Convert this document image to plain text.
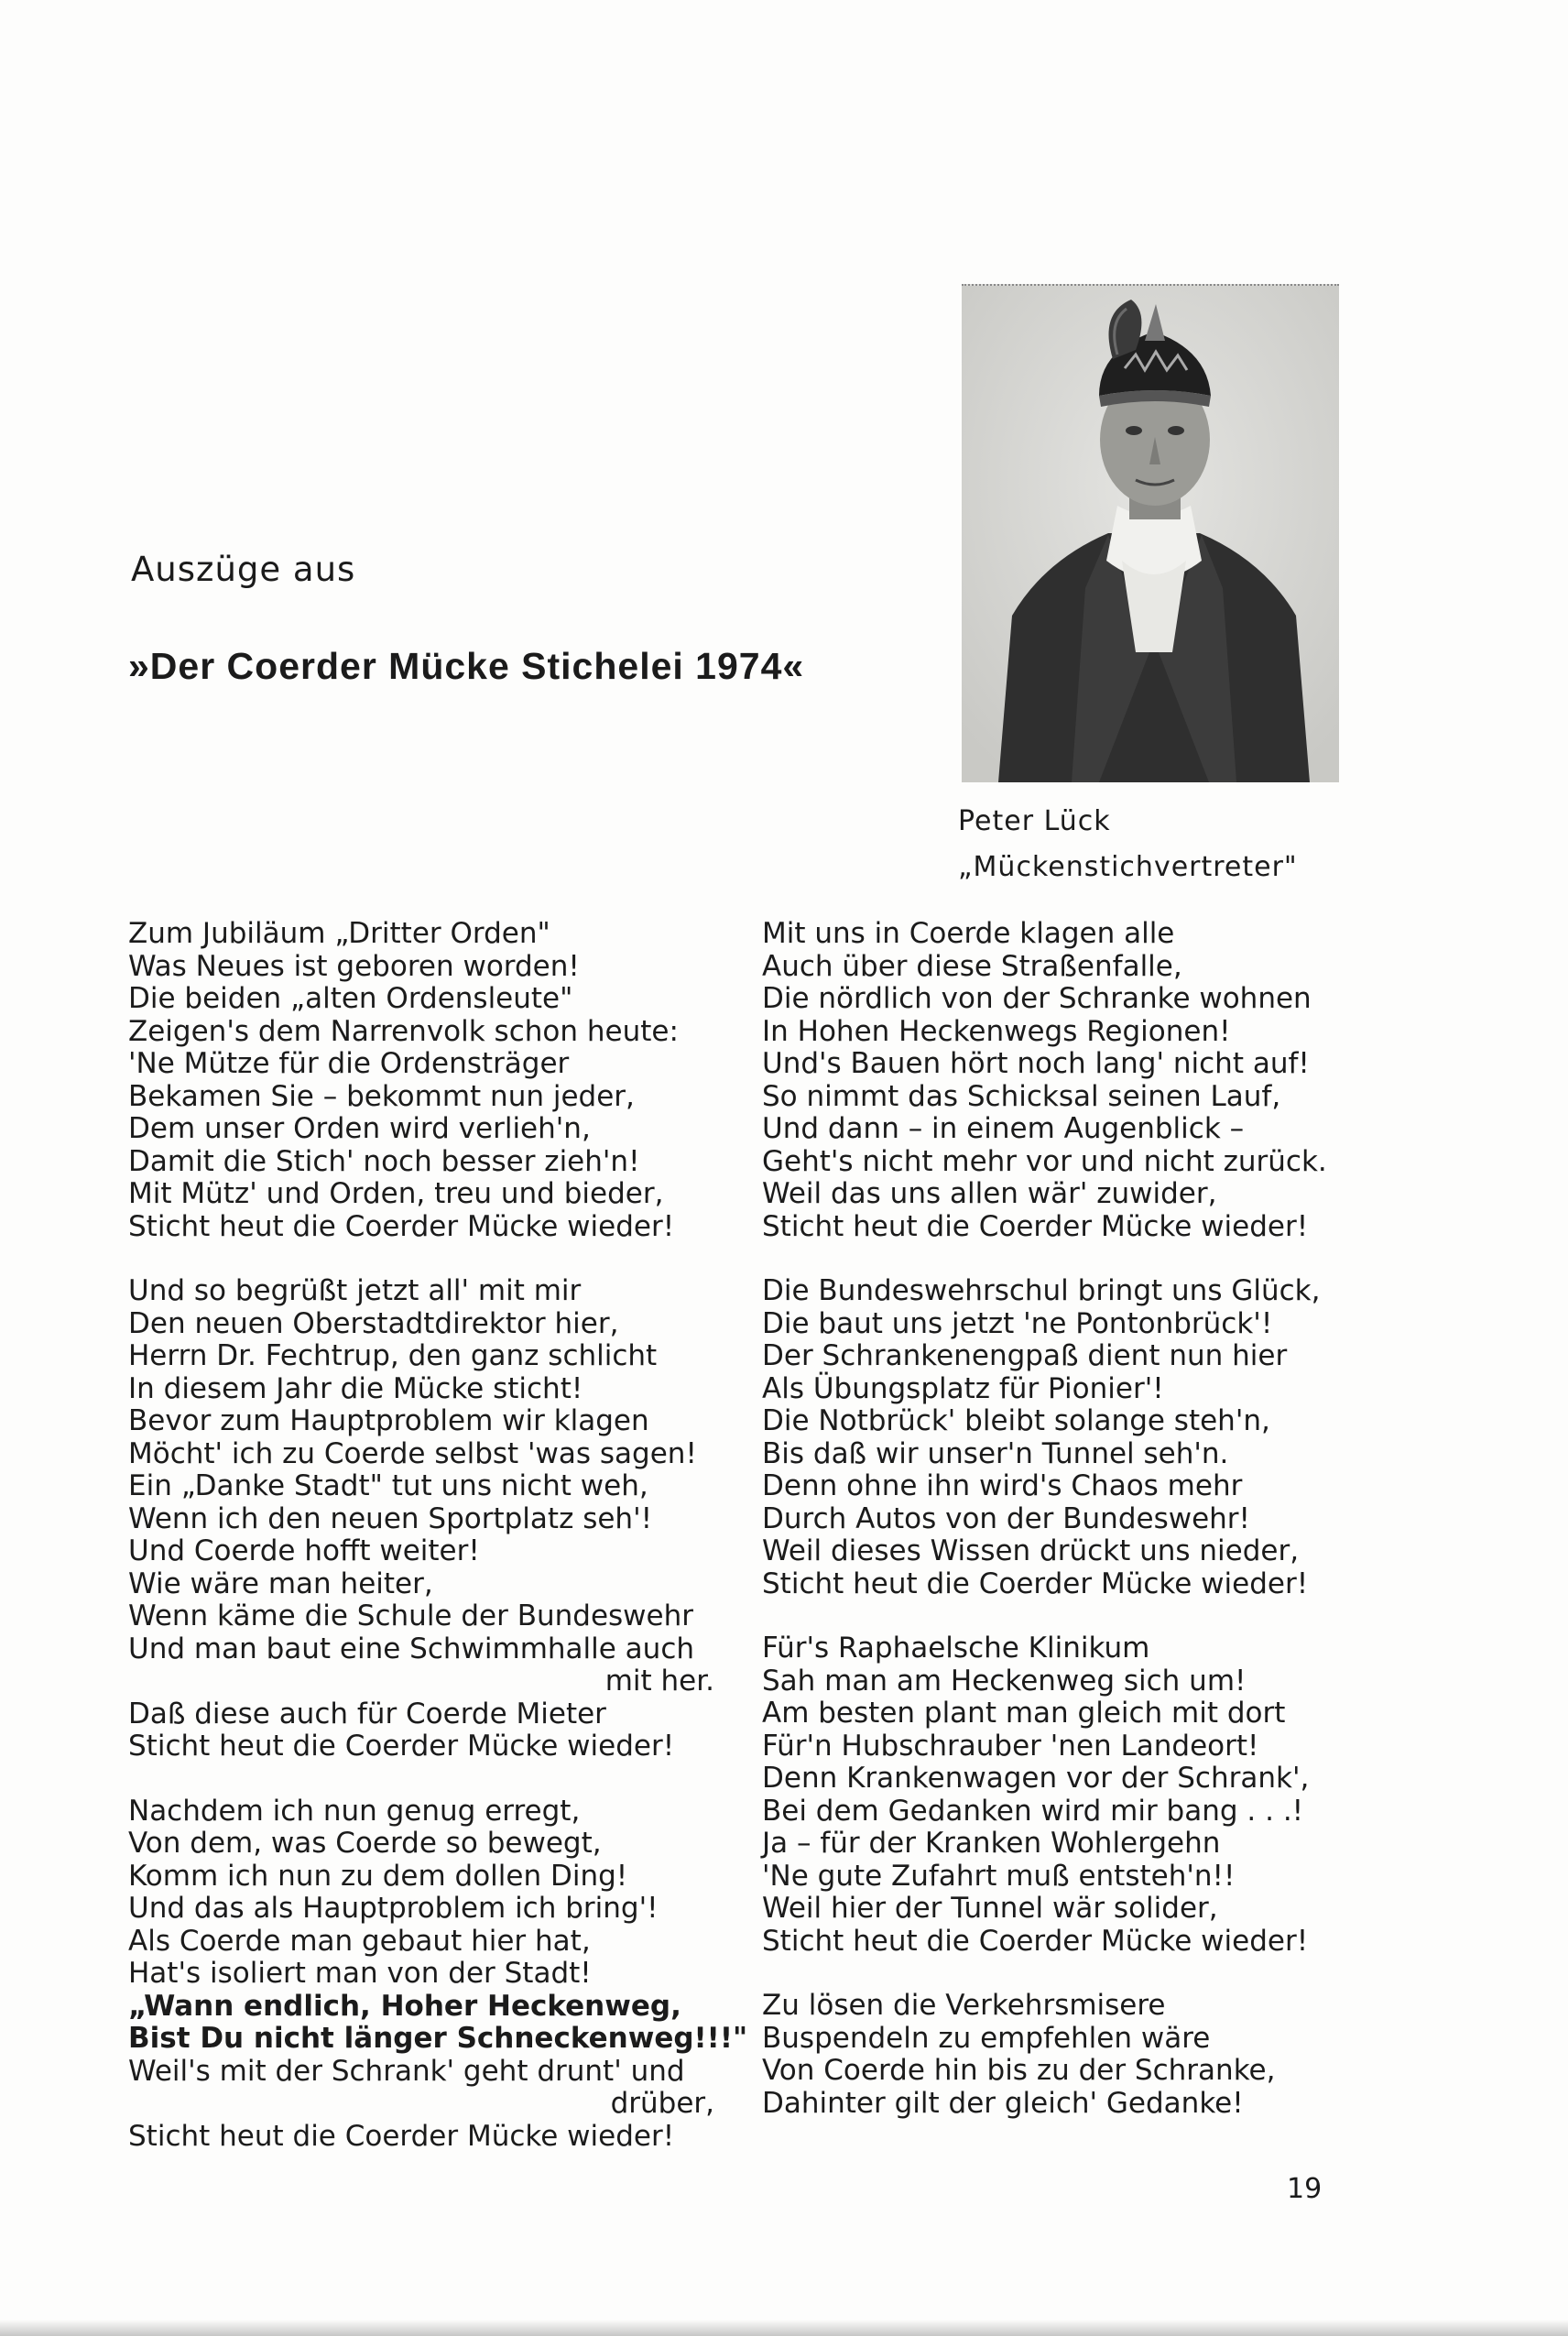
Peter Lück
„Mückenstichvertreter"
Auszüge aus
»Der Coerder Mücke Stichelei 1974«
Zum Jubiläum „Dritter Orden"
Was Neues ist geboren worden!
Die beiden „alten Ordensleute"
Zeigen's dem Narrenvolk schon heute:
'Ne Mütze für die Ordensträger
Bekamen Sie – bekommt nun jeder,
Dem unser Orden wird verlieh'n,
Damit die Stich' noch besser zieh'n!
Mit Mütz' und Orden, treu und bieder,
Sticht heut die Coerder Mücke wieder!
Und so begrüßt jetzt all' mit mir
Den neuen Oberstadtdirektor hier,
Herrn Dr. Fechtrup, den ganz schlicht
In diesem Jahr die Mücke sticht!
Bevor zum Hauptproblem wir klagen
Möcht' ich zu Coerde selbst 'was sagen!
Ein „Danke Stadt" tut uns nicht weh,
Wenn ich den neuen Sportplatz seh'!
Und Coerde hofft weiter!
Wie wäre man heiter,
Wenn käme die Schule der Bundeswehr
Und man baut eine Schwimmhalle auch
mit her.
Daß diese auch für Coerde Mieter
Sticht heut die Coerder Mücke wieder!
Nachdem ich nun genug erregt,
Von dem, was Coerde so bewegt,
Komm ich nun zu dem dollen Ding!
Und das als Hauptproblem ich bring'!
Als Coerde man gebaut hier hat,
Hat's isoliert man von der Stadt!
„Wann endlich, Hoher Heckenweg,
Bist Du nicht länger Schneckenweg!!!"
Weil's mit der Schrank' geht drunt' und
drüber,
Sticht heut die Coerder Mücke wieder!
Mit uns in Coerde klagen alle
Auch über diese Straßenfalle,
Die nördlich von der Schranke wohnen
In Hohen Heckenwegs Regionen!
Und's Bauen hört noch lang' nicht auf!
So nimmt das Schicksal seinen Lauf,
Und dann – in einem Augenblick –
Geht's nicht mehr vor und nicht zurück.
Weil das uns allen wär' zuwider,
Sticht heut die Coerder Mücke wieder!
Die Bundeswehrschul bringt uns Glück,
Die baut uns jetzt 'ne Pontonbrück'!
Der Schrankenengpaß dient nun hier
Als Übungsplatz für Pionier'!
Die Notbrück' bleibt solange steh'n,
Bis daß wir unser'n Tunnel seh'n.
Denn ohne ihn wird's Chaos mehr
Durch Autos von der Bundeswehr!
Weil dieses Wissen drückt uns nieder,
Sticht heut die Coerder Mücke wieder!
Für's Raphaelsche Klinikum
Sah man am Heckenweg sich um!
Am besten plant man gleich mit dort
Für'n Hubschrauber 'nen Landeort!
Denn Krankenwagen vor der Schrank',
Bei dem Gedanken wird mir bang . . .!
Ja – für der Kranken Wohlergehn
'Ne gute Zufahrt muß entsteh'n!!
Weil hier der Tunnel wär solider,
Sticht heut die Coerder Mücke wieder!
Zu lösen die Verkehrsmisere
Buspendeln zu empfehlen wäre
Von Coerde hin bis zu der Schranke,
Dahinter gilt der gleich' Gedanke!
19
